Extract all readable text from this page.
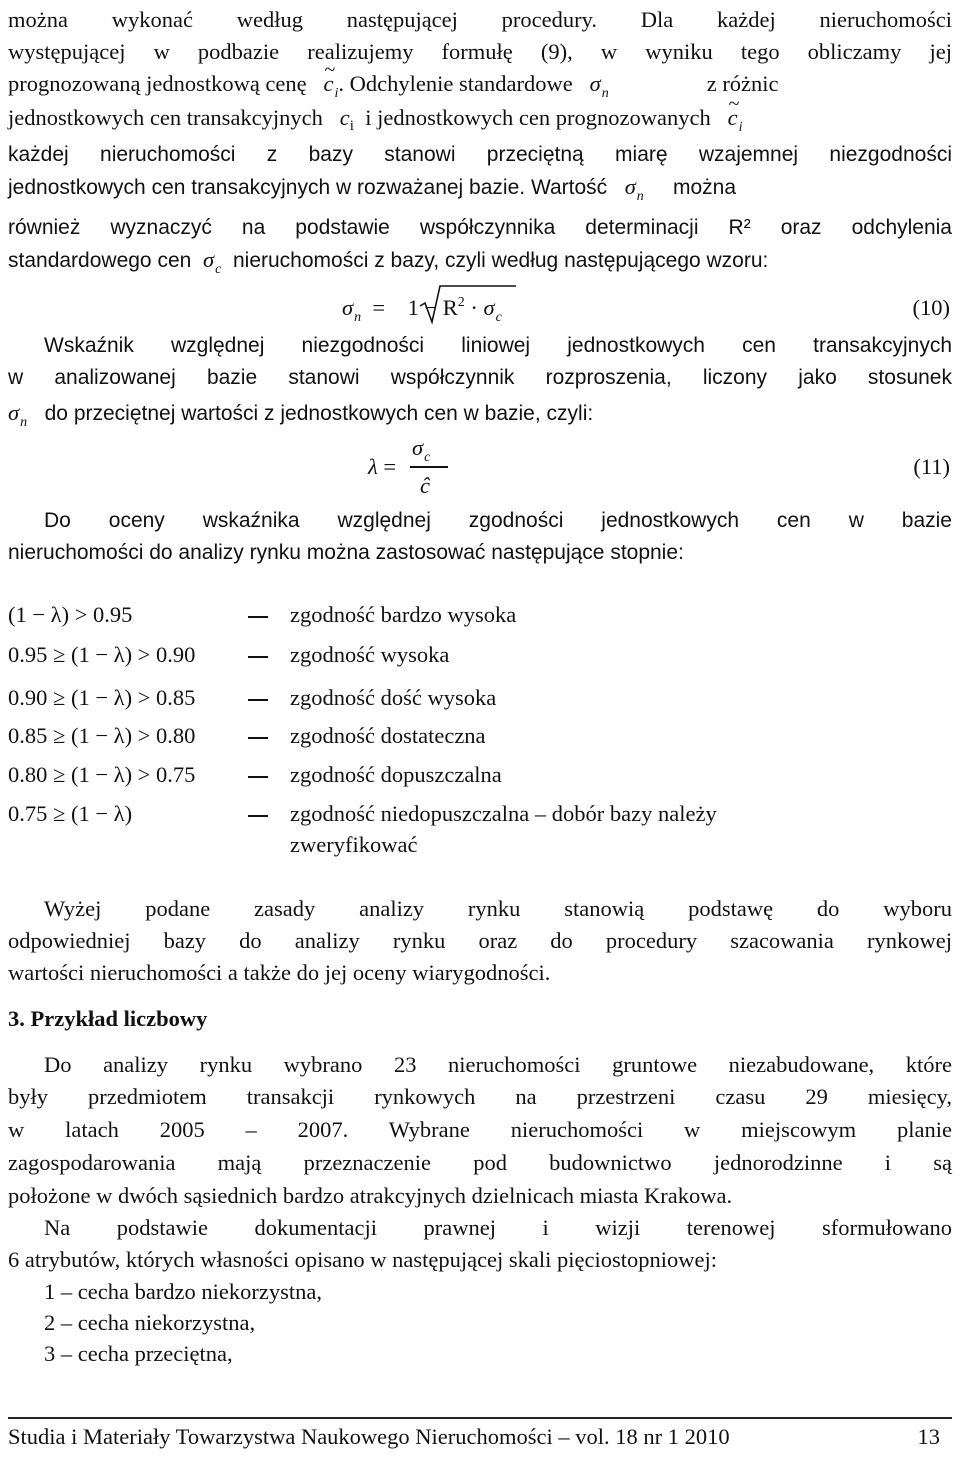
można wykonać według następującej procedury. Dla każdej nieruchomości
występującej w podbazie realizujemy formułę (9), w wyniku tego obliczamy jej
prognozowaną jednostkową cenę ~ $c_i$. Odchylenie standardowe $\sigma_n$	z różnic
jednostkowych cen transakcyjnych $c_i$ i jednostkowych cen prognozowanych ~ $c_i$
każdej nieruchomości z bazy stanowi przeciętną miarę wzajemnej niezgodności
jednostkowych cen transakcyjnych w rozważanej bazie. Wartość $\sigma_n$ można
również wyznaczyć na podstawie współczynnika determinacji R² oraz odchylenia
standardowego cen $\sigma_c$ nieruchomości z bazy, czyli według następującego wzoru:
$\sigma_n = 1 - R^2 \cdot \sigma_c$	(10)
Wskaźnik względnej niezgodności liniowej jednostkowych cen transakcyjnych
w analizowanej bazie stanowi współczynnik rozproszenia, liczony jako stosunek
$\sigma_n$ do przeciętnej wartości z jednostkowych cen w bazie, czyli:
λ =
$\sigma_c$
ĉ
(11)
Do oceny wskaźnika względnej zgodności jednostkowych cen w bazie
nieruchomości do analizy rynku można zastosować następujące stopnie:
(1 − λ) > 0.95	zgodność bardzo wysoka
0.95 ≥ (1 − λ) > 0.90	zgodność wysoka
0.90 ≥ (1 − λ) > 0.85	zgodność dość wysoka
0.85 ≥ (1 − λ) > 0.80	zgodność dostateczna
0.80 ≥ (1 − λ) > 0.75	zgodność dopuszczalna
0.75 ≥ (1 − λ)	zgodność niedopuszczalna – dobór bazy należy
zweryfikować
Wyżej podane zasady analizy rynku stanowią podstawę do wyboru
odpowiedniej bazy do analizy rynku oraz do procedury szacowania rynkowej
wartości nieruchomości a także do jej oceny wiarygodności.
3. Przykład liczbowy
Do analizy rynku wybrano 23 nieruchomości gruntowe niezabudowane, które
były przedmiotem transakcji rynkowych na przestrzeni czasu 29 miesięcy,
w latach 2005 – 2007. Wybrane nieruchomości w miejscowym planie
zagospodarowania mają przeznaczenie pod budownictwo jednorodzinne i są
położone w dwóch sąsiednich bardzo atrakcyjnych dzielnicach miasta Krakowa.
Na podstawie dokumentacji prawnej i wizji terenowej sformułowano
6 atrybutów, których własności opisano w następującej skali pięciostopniowej:
1 – cecha bardzo niekorzystna,
2 – cecha niekorzystna,
3 – cecha przeciętna,
Studia i Materiały Towarzystwa Naukowego Nieruchomości – vol. 18 nr 1 2010	13
